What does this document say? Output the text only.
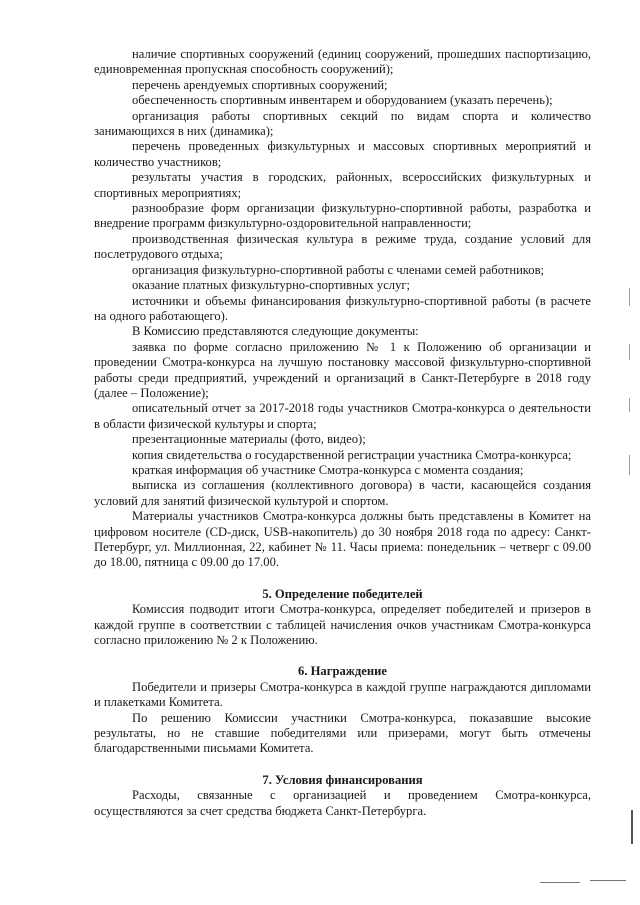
наличие спортивных сооружений (единиц сооружений, прошедших паспортизацию, единовременная пропускная способность сооружений);

перечень арендуемых спортивных сооружений;

обеспеченность спортивным инвентарем и оборудованием (указать перечень);

организация работы спортивных секций по видам спорта и количество занимающихся в них (динамика);

перечень проведенных физкультурных и массовых спортивных мероприятий и количество участников;

результаты участия в городских, районных, всероссийских физкультурных и спортивных мероприятиях;

разнообразие форм организации физкультурно-спортивной работы, разработка и внедрение программ физкультурно-оздоровительной направленности;

производственная физическая культура в режиме труда, создание условий для послетрудового отдыха;

организация физкультурно-спортивной работы с членами семей работников;

оказание платных физкультурно-спортивных услуг;

источники и объемы финансирования физкультурно-спортивной работы (в расчете на одного работающего).

В Комиссию представляются следующие документы:

заявка по форме согласно приложению № 1 к Положению об организации и проведении Смотра-конкурса на лучшую постановку массовой физкультурно-спортивной работы среди предприятий, учреждений и организаций в Санкт-Петербурге в 2018 году (далее – Положение);

описательный отчет за 2017-2018 годы участников Смотра-конкурса о деятельности в области физической культуры и спорта;

презентационные материалы (фото, видео);

копия свидетельства о государственной регистрации участника Смотра-конкурса;

краткая информация об участнике Смотра-конкурса с момента создания;

выписка из соглашения (коллективного договора) в части, касающейся создания условий для занятий физической культурой и спортом.

Материалы участников Смотра-конкурса должны быть представлены в Комитет на цифровом носителе (CD-диск, USB-накопитель) до 30 ноября 2018 года по адресу: Санкт-Петербург, ул. Миллионная, 22, кабинет № 11. Часы приема: понедельник – четверг с 09.00 до 18.00, пятница с 09.00 до 17.00.

5. Определение победителей

Комиссия подводит итоги Смотра-конкурса, определяет победителей и призеров в каждой группе в соответствии с таблицей начисления очков участникам Смотра-конкурса согласно приложению № 2 к Положению.

6. Награждение

Победители и призеры Смотра-конкурса в каждой группе награждаются дипломами и плакетками Комитета.

По решению Комиссии участники Смотра-конкурса, показавшие высокие результаты, но не ставшие победителями или призерами, могут быть отмечены благодарственными письмами Комитета.

7. Условия финансирования

Расходы, связанные с организацией и проведением Смотра-конкурса, осуществляются за счет средства бюджета Санкт-Петербурга.
